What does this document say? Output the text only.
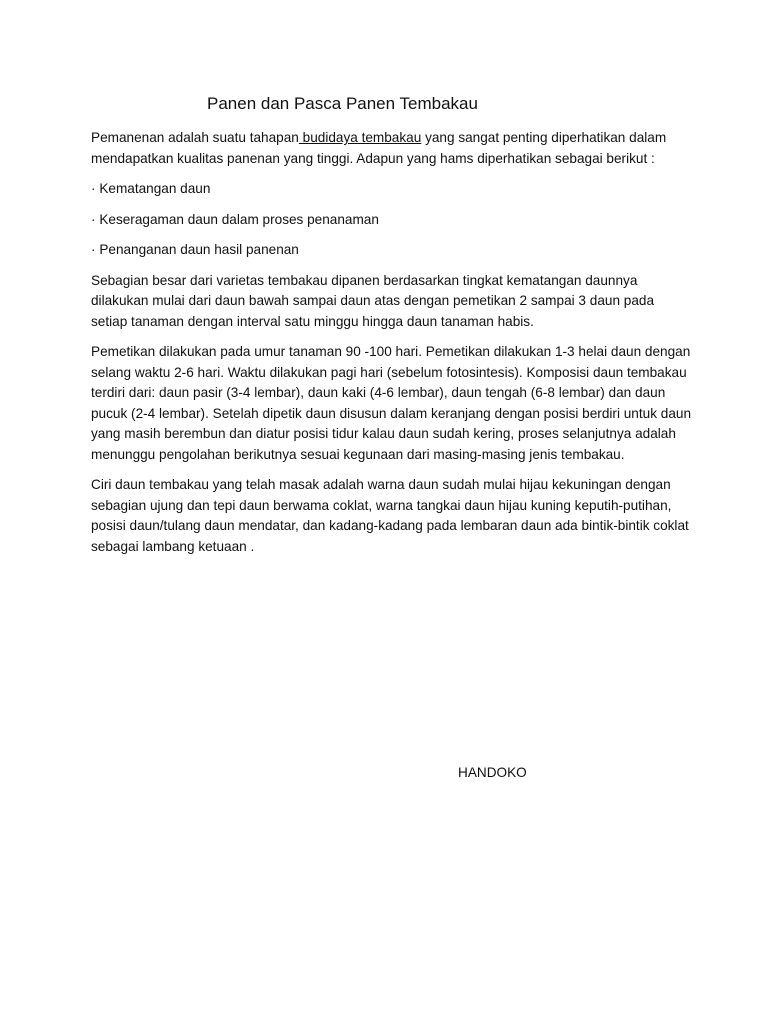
Panen dan Pasca Panen Tembakau

Pemanenan adalah suatu tahapan budidaya tembakau yang sangat penting diperhatikan dalam mendapatkan kualitas panenan yang tinggi. Adapun yang hams diperhatikan sebagai berikut :

· Kematangan daun

· Keseragaman daun dalam proses penanaman

· Penanganan daun hasil panenan

Sebagian besar dari varietas tembakau dipanen berdasarkan tingkat kematangan daunnya dilakukan mulai dari daun bawah sampai daun atas dengan pemetikan 2 sampai 3 daun pada setiap tanaman dengan interval satu minggu hingga daun tanaman habis.

Pemetikan dilakukan pada umur tanaman 90 -100 hari. Pemetikan dilakukan 1-3 helai daun dengan selang waktu 2-6 hari. Waktu dilakukan pagi hari (sebelum fotosintesis). Komposisi daun tembakau terdiri dari: daun pasir (3-4 lembar), daun kaki (4-6 lembar), daun tengah (6-8 lembar) dan daun pucuk (2-4 lembar). Setelah dipetik daun disusun dalam keranjang dengan posisi berdiri untuk daun yang masih berembun dan diatur posisi tidur kalau daun sudah kering, proses selanjutnya adalah menunggu pengolahan berikutnya sesuai kegunaan dari masing-masing jenis tembakau.

Ciri daun tembakau yang telah masak adalah warna daun sudah mulai hijau kekuningan dengan sebagian ujung dan tepi daun berwama coklat, warna tangkai daun hijau kuning keputih-putihan, posisi daun/tulang daun mendatar, dan kadang-kadang pada lembaran daun ada bintik-bintik coklat sebagai lambang ketuaan .

HANDOKO
